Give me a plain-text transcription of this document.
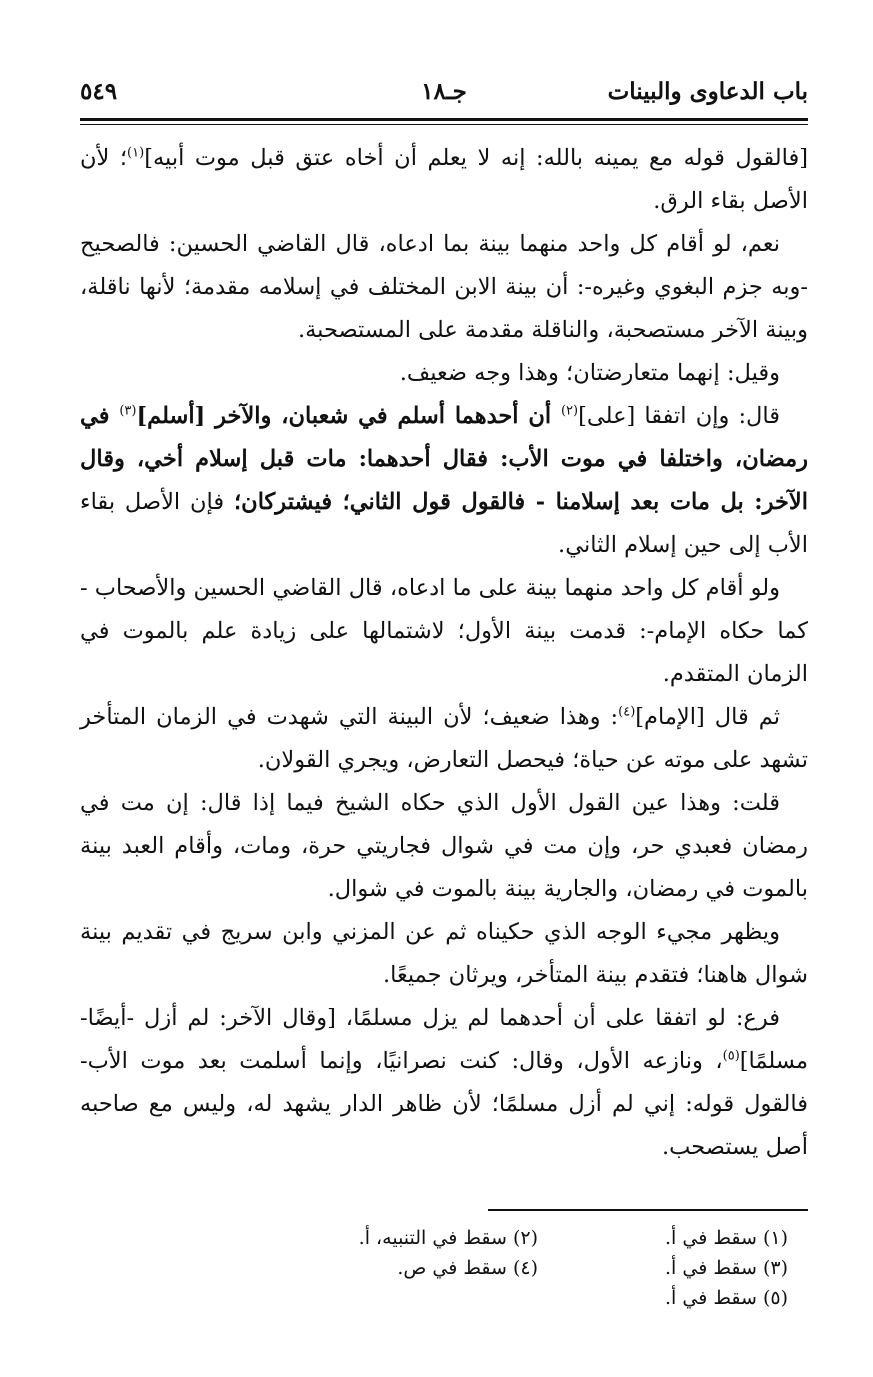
باب الدعاوى والبينات
جـ١٨
٥٤٩

[فالقول قوله مع يمينه بالله: إنه لا يعلم أن أخاه عتق قبل موت أبيه]$^{(١)}$؛ لأن الأصل بقاء الرق.

نعم، لو أقام كل واحد منهما بينة بما ادعاه، قال القاضي الحسين: فالصحيح -وبه جزم البغوي وغيره-: أن بينة الابن المختلف في إسلامه مقدمة؛ لأنها ناقلة، وبينة الآخر مستصحبة، والناقلة مقدمة على المستصحبة.

وقيل: إنهما متعارضتان؛ وهذا وجه ضعيف.

قال: وإن اتفقا [على]$^{(٢)}$ أن أحدهما أسلم في شعبان، والآخر [أسلم]$^{(٣)}$ في رمضان، واختلفا في موت الأب: فقال أحدهما: مات قبل إسلام أخي، وقال الآخر: بل مات بعد إسلامنا - فالقول قول الثاني؛ فيشتركان؛ فإن الأصل بقاء الأب إلى حين إسلام الثاني.

ولو أقام كل واحد منهما بينة على ما ادعاه، قال القاضي الحسين والأصحاب - كما حكاه الإمام-: قدمت بينة الأول؛ لاشتمالها على زيادة علم بالموت في الزمان المتقدم.

ثم قال [الإمام]$^{(٤)}$: وهذا ضعيف؛ لأن البينة التي شهدت في الزمان المتأخر تشهد على موته عن حياة؛ فيحصل التعارض، ويجري القولان.

قلت: وهذا عين القول الأول الذي حكاه الشيخ فيما إذا قال: إن مت في رمضان فعبدي حر، وإن مت في شوال فجاريتي حرة، ومات، وأقام العبد بينة بالموت في رمضان، والجارية بينة بالموت في شوال.

ويظهر مجيء الوجه الذي حكيناه ثم عن المزني وابن سريج في تقديم بينة شوال هاهنا؛ فتقدم بينة المتأخر، ويرثان جميعًا.

فرع: لو اتفقا على أن أحدهما لم يزل مسلمًا، [وقال الآخر: لم أزل -أيضًا- مسلمًا]$^{(٥)}$، ونازعه الأول، وقال: كنت نصرانيًا، وإنما أسلمت بعد موت الأب- فالقول قوله: إني لم أزل مسلمًا؛ لأن ظاهر الدار يشهد له، وليس مع صاحبه أصل يستصحب.

(١) سقط في أ.
(٢) سقط في التنبيه، أ.
(٣) سقط في أ.
(٤) سقط في ص.
(٥) سقط في أ.
